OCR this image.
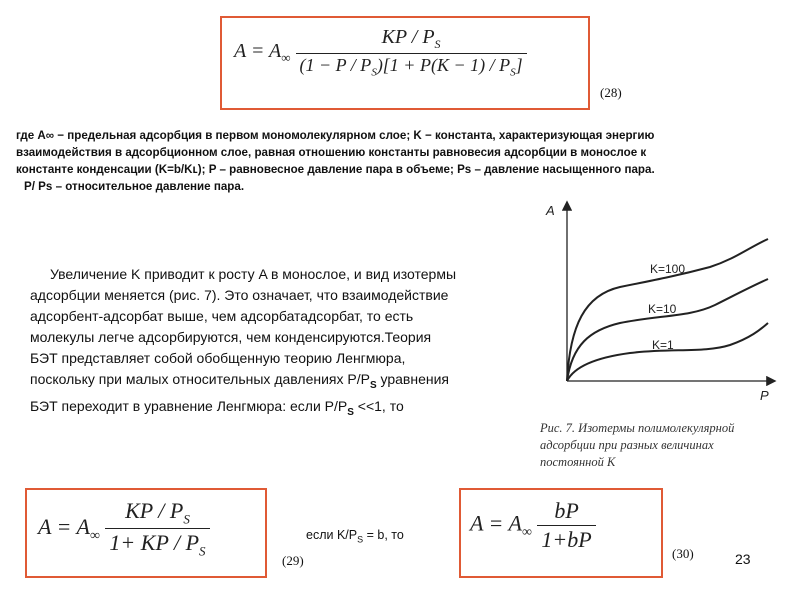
$A = A_\infty \frac{KP / P_S}{(1 - P / P_S)[1 + P(K - 1) / P_S]}$
(28)

где A∞ − предельная адсорбция в первом мономолекулярном слое; K − константа, характеризующая энергию

взаимодействия в адсорбционном слое, равная отношению константы равновесия адсорбции в монослое к

константе конденсации (K=b/Kʟ); P – равновесное давление пара в объеме; Pѕ – давление насыщенного пара.

P/ Pѕ – относительное давление пара.

Увеличение K приводит к росту A в монослое, и вид изотермы

адсорбции меняется (рис. 7). Это означает, что взаимодействие

адсорбент-адсорбат выше, чем адсорбатадсорбат, то есть

молекулы легче адсорбируются, чем конденсируются.Теория

БЭТ представляет собой обобщенную теорию Ленгмюра,

поскольку при малых относительных давлениях $P/P_S$ уравнения

БЭТ переходит в уравнение Ленгмюра: если $P/P_S <<1$, то

A
P
K=100
K=10
K=1

Рис. 7. Изотермы полимолекулярной

адсорбции при разных величинах

постоянной K

$A = A_\infty \frac{KP / P_S}{1+ KP / P_S}$
(29)
если $K/P_S = b$, то	$A = A_\infty \frac{bP}{1+bP}$
(30)	23
